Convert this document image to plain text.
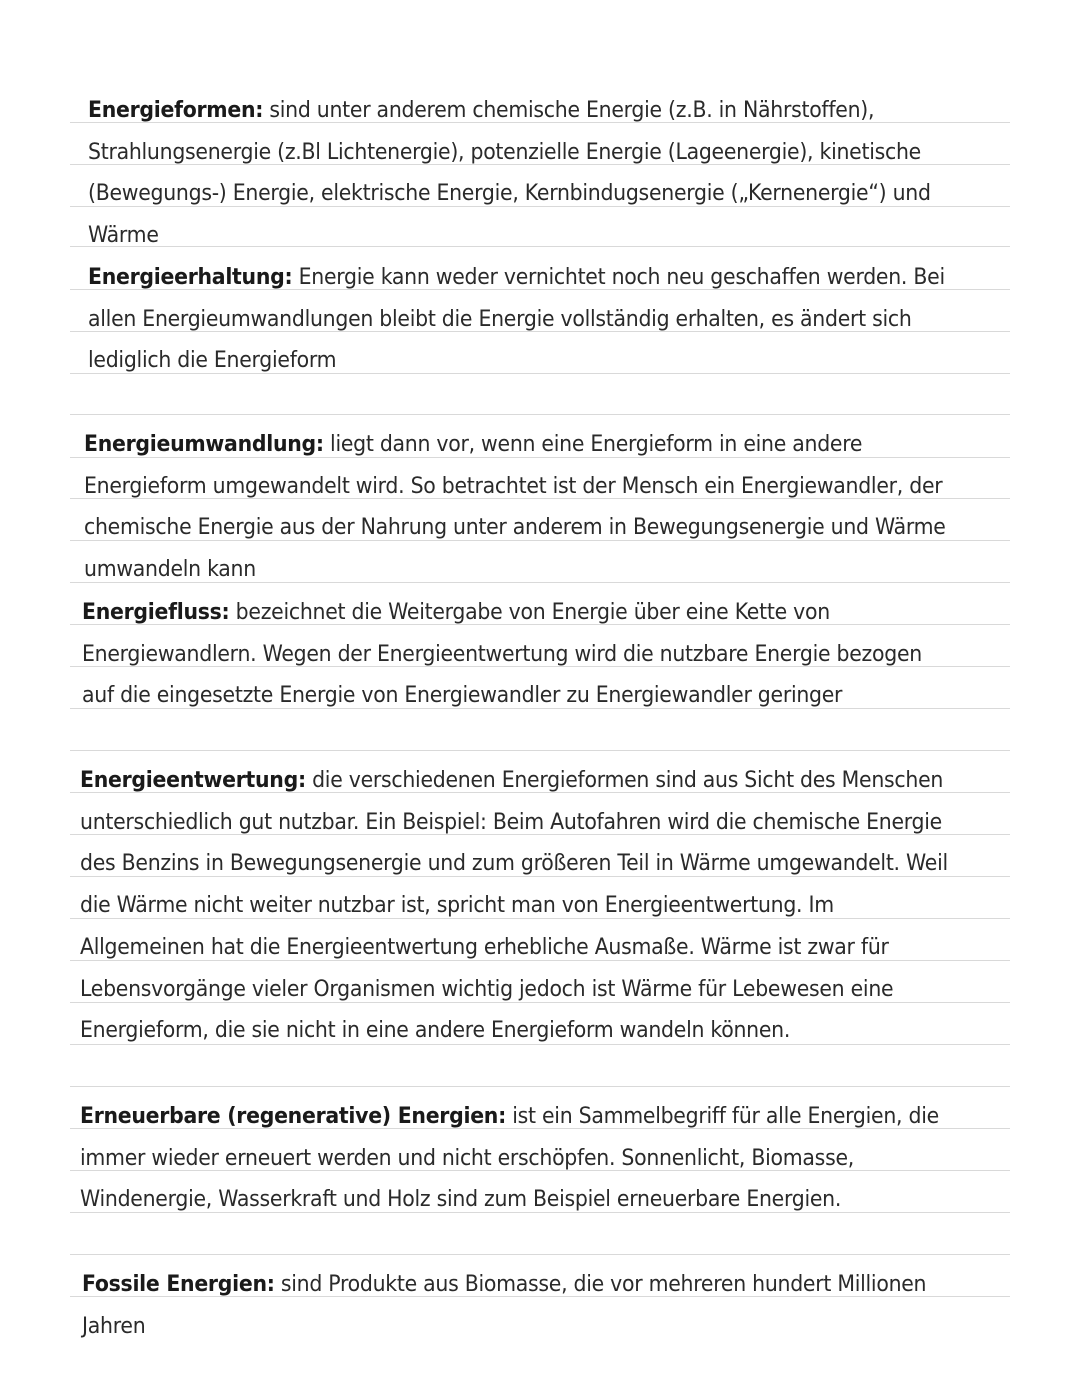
Energieformen: sind unter anderem chemische Energie (z.B. in Nährstoffen), Strahlungsenergie (z.Bl Lichtenergie), potenzielle Energie (Lageenergie), kinetische (Bewegungs-) Energie, elektrische Energie, Kernbindugsenergie („Kernenergie“) und Wärme
Energieerhaltung: Energie kann weder vernichtet noch neu geschaffen werden. Bei allen Energieumwandlungen bleibt die Energie vollständig erhalten, es ändert sich lediglich die Energieform
Energieumwandlung: liegt dann vor, wenn eine Energieform in eine andere Energieform umgewandelt wird. So betrachtet ist der Mensch ein Energiewandler, der chemische Energie aus der Nahrung unter anderem in Bewegungsenergie und Wärme umwandeln kann
Energiefluss: bezeichnet die Weitergabe von Energie über eine Kette von Energiewandlern. Wegen der Energieentwertung wird die nutzbare Energie bezogen auf die eingesetzte Energie von Energiewandler zu Energiewandler geringer
Energieentwertung: die verschiedenen Energieformen sind aus Sicht des Menschen unterschiedlich gut nutzbar. Ein Beispiel: Beim Autofahren wird die chemische Energie des Benzins in Bewegungsenergie und zum größeren Teil in Wärme umgewandelt. Weil die Wärme nicht weiter nutzbar ist, spricht man von Energieentwertung. Im Allgemeinen hat die Energieentwertung erhebliche Ausmaße. Wärme ist zwar für Lebensvorgänge vieler Organismen wichtig jedoch ist Wärme für Lebewesen eine Energieform, die sie nicht in eine andere Energieform wandeln können.
Erneuerbare (regenerative) Energien: ist ein Sammelbegriff für alle Energien, die immer wieder erneuert werden und nicht erschöpfen. Sonnenlicht, Biomasse, Windenergie, Wasserkraft und Holz sind zum Beispiel erneuerbare Energien.
Fossile Energien: sind Produkte aus Biomasse, die vor mehreren hundert Millionen Jahren
